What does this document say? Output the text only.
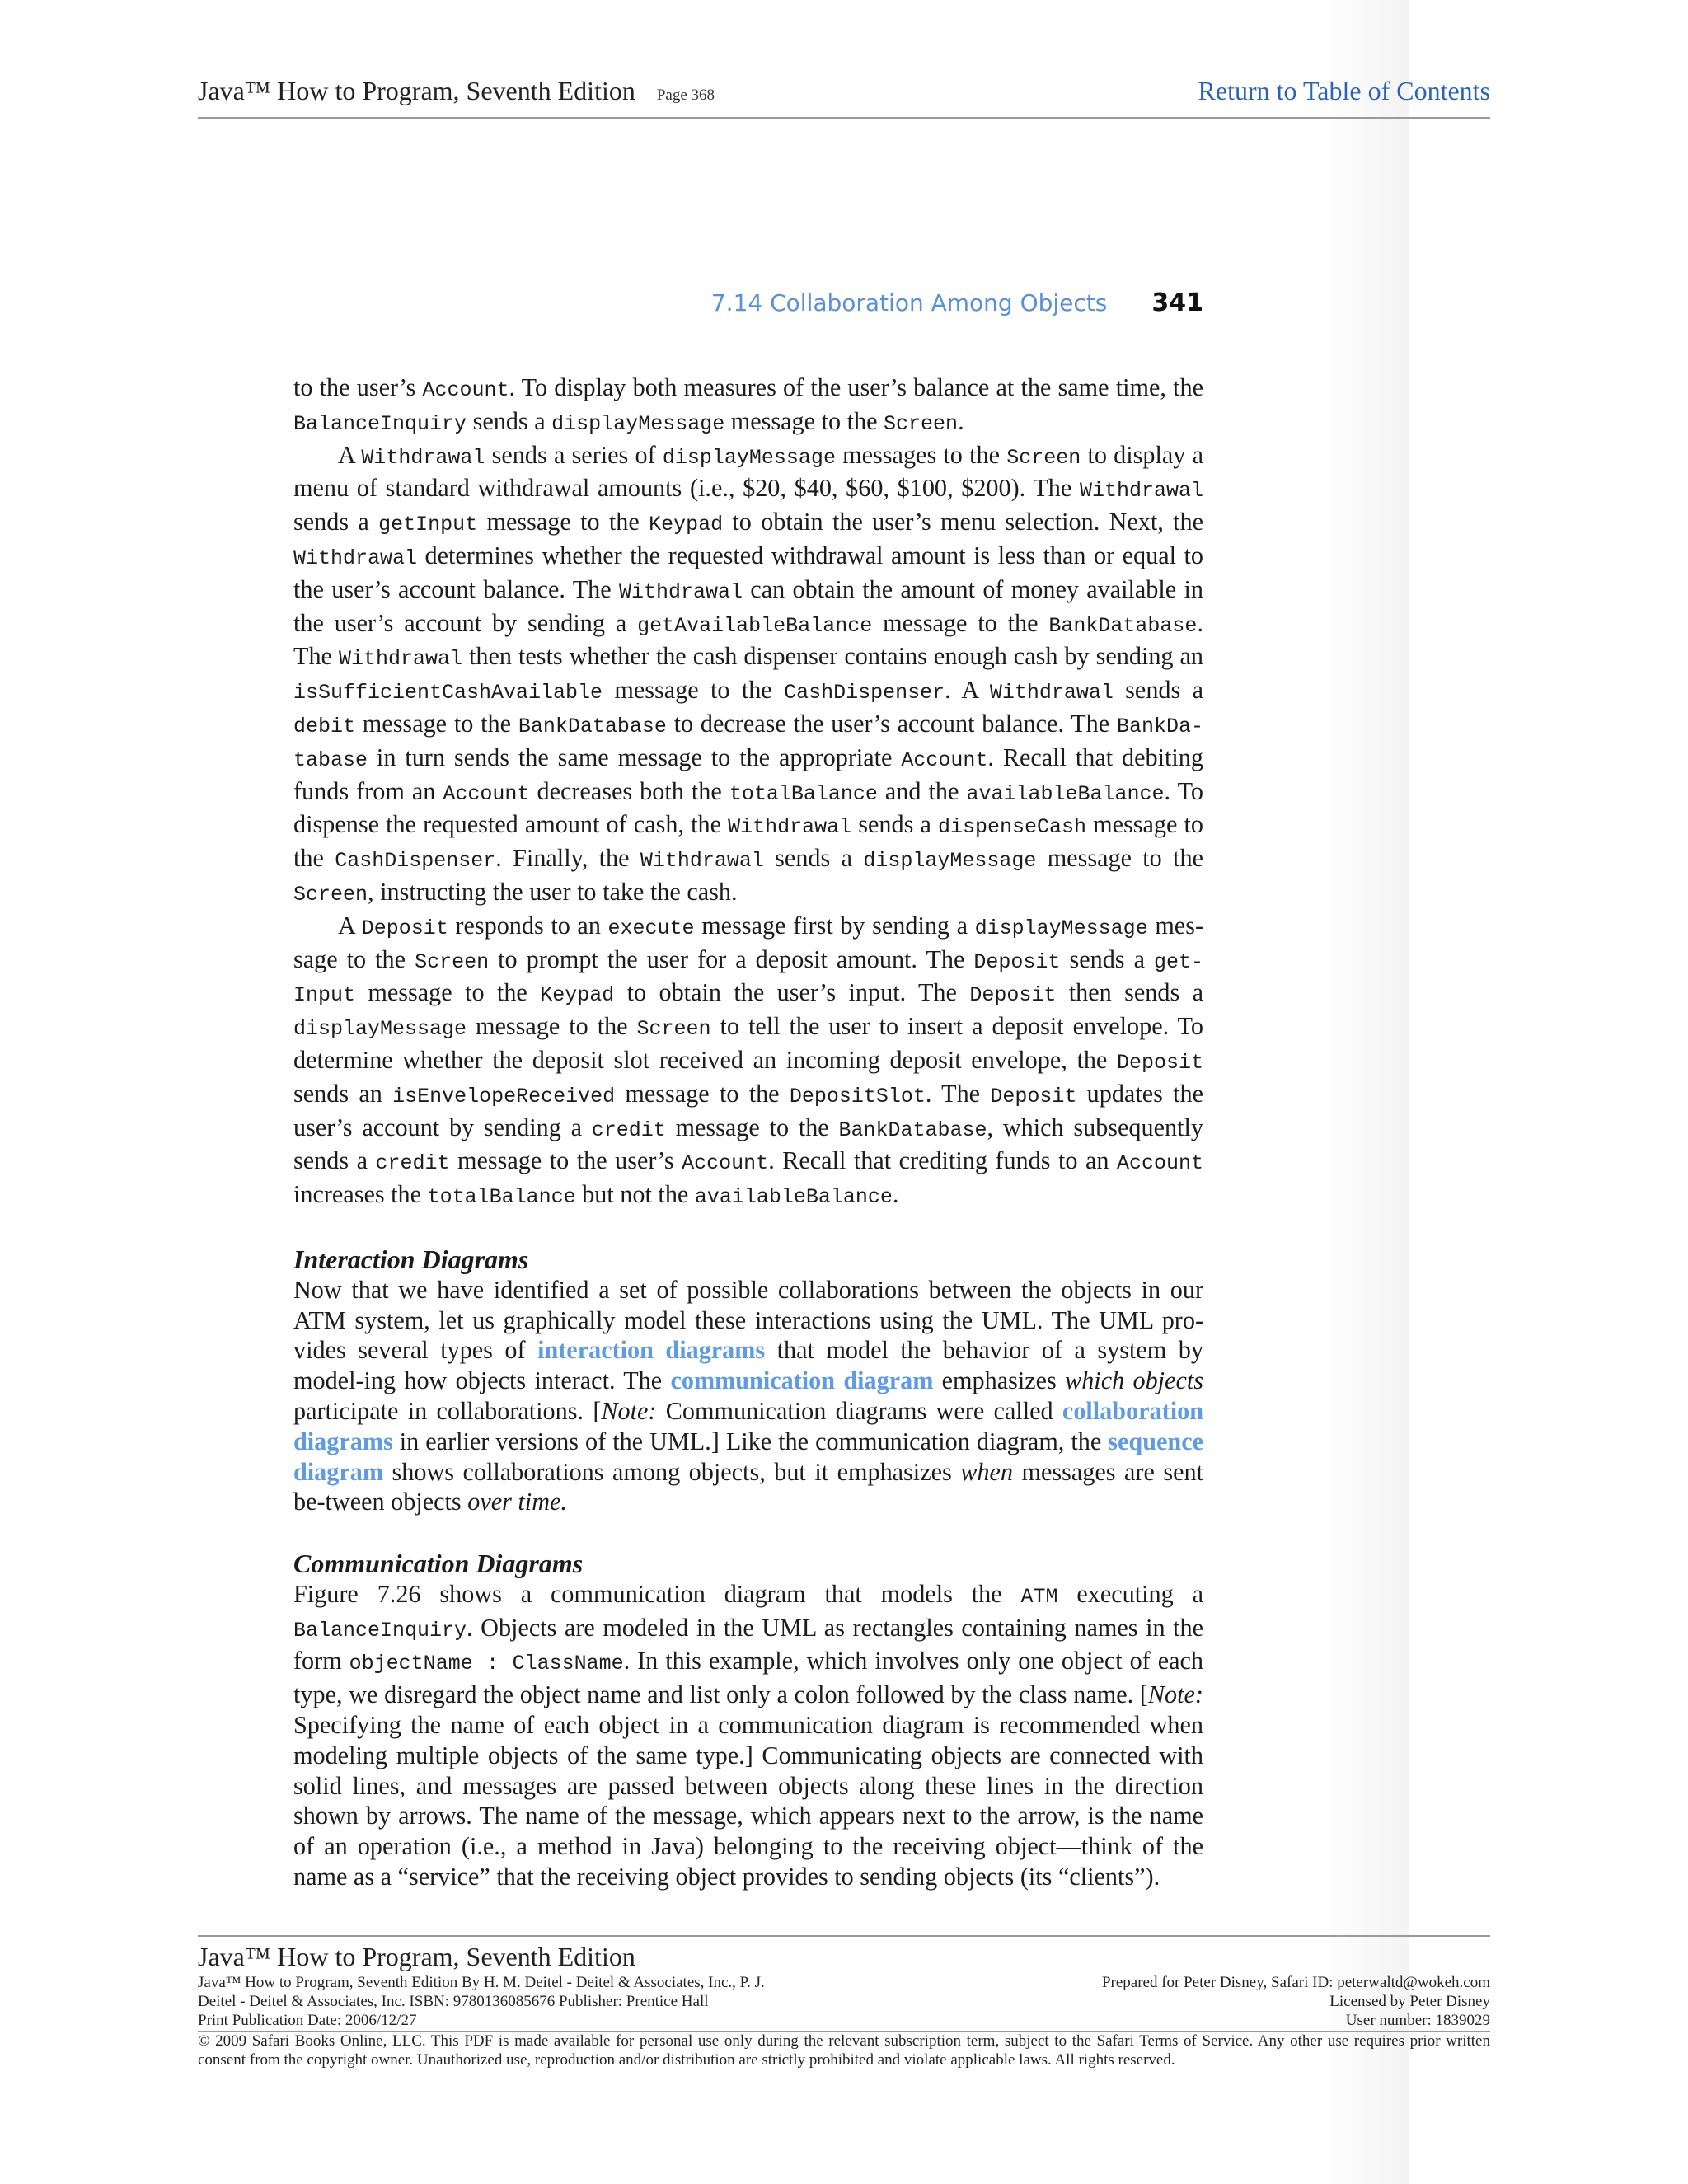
Java™ How to Program, Seventh Edition Page 368	Return to Table of Contents
7.14 Collaboration Among Objects 341

to the user’s Account. To display both measures of the user’s balance at the same time, the BalanceInquiry sends a displayMessage message to the Screen.

A Withdrawal sends a series of displayMessage messages to the Screen to display a menu of standard withdrawal amounts (i.e., $20, $40, $60, $100, $200). The Withdrawal sends a getInput message to the Keypad to obtain the user’s menu selection. Next, the Withdrawal determines whether the requested withdrawal amount is less than or equal to the user’s account balance. The Withdrawal can obtain the amount of money available in the user’s account by sending a getAvailableBalance message to the BankDatabase. The Withdrawal then tests whether the cash dispenser contains enough cash by sending an isSufficientCashAvailable message to the CashDispenser. A Withdrawal sends a debit message to the BankDatabase to decrease the user’s account balance. The BankDa-tabase in turn sends the same message to the appropriate Account. Recall that debiting funds from an Account decreases both the totalBalance and the availableBalance. To dispense the requested amount of cash, the Withdrawal sends a dispenseCash message to the CashDispenser. Finally, the Withdrawal sends a displayMessage message to the Screen, instructing the user to take the cash.

A Deposit responds to an execute message first by sending a displayMessage mes-sage to the Screen to prompt the user for a deposit amount. The Deposit sends a get-Input message to the Keypad to obtain the user’s input. The Deposit then sends a displayMessage message to the Screen to tell the user to insert a deposit envelope. To determine whether the deposit slot received an incoming deposit envelope, the Deposit sends an isEnvelopeReceived message to the DepositSlot. The Deposit updates the user’s account by sending a credit message to the BankDatabase, which subsequently sends a credit message to the user’s Account. Recall that crediting funds to an Account increases the totalBalance but not the availableBalance.

Interaction Diagrams

Now that we have identified a set of possible collaborations between the objects in our ATM system, let us graphically model these interactions using the UML. The UML pro-vides several types of interaction diagrams that model the behavior of a system by model-ing how objects interact. The communication diagram emphasizes which objects participate in collaborations. [Note: Communication diagrams were called collaboration diagrams in earlier versions of the UML.] Like the communication diagram, the sequence diagram shows collaborations among objects, but it emphasizes when messages are sent be-tween objects over time.

Communication Diagrams

Figure 7.26 shows a communication diagram that models the ATM executing a BalanceInquiry. Objects are modeled in the UML as rectangles containing names in the form objectName : ClassName. In this example, which involves only one object of each type, we disregard the object name and list only a colon followed by the class name. [Note: Specifying the name of each object in a communication diagram is recommended when modeling multiple objects of the same type.] Communicating objects are connected with solid lines, and messages are passed between objects along these lines in the direction shown by arrows. The name of the message, which appears next to the arrow, is the name of an operation (i.e., a method in Java) belonging to the receiving object—think of the name as a “service” that the receiving object provides to sending objects (its “clients”).

Java™ How to Program, Seventh Edition
Java™ How to Program, Seventh Edition By H. M. Deitel - Deitel & Associates, Inc., P. J.	Prepared for Peter Disney, Safari ID: peterwaltd@wokeh.com
Deitel - Deitel & Associates, Inc. ISBN: 9780136085676 Publisher: Prentice Hall	Licensed by Peter Disney
Print Publication Date: 2006/12/27	User number: 1839029
© 2009 Safari Books Online, LLC. This PDF is made available for personal use only during the relevant subscription term, subject to the Safari Terms of Service. Any other use requires prior written consent from the copyright owner. Unauthorized use, reproduction and/or distribution are strictly prohibited and violate applicable laws. All rights reserved.
